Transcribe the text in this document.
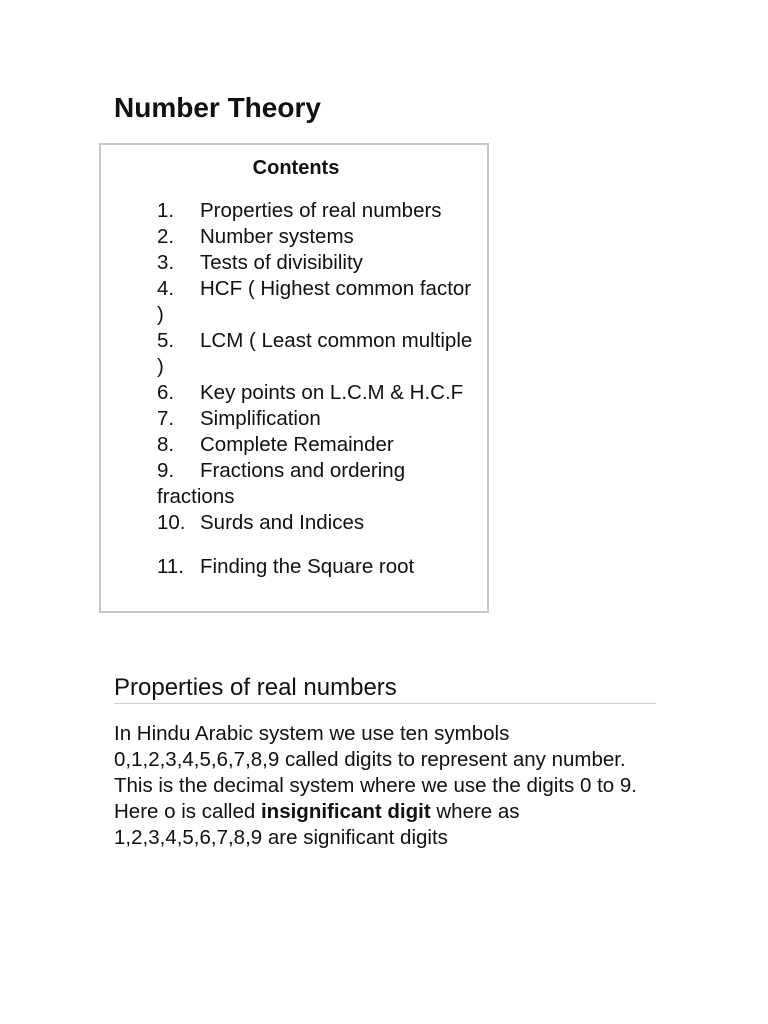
Number Theory
Contents
1. Properties of real numbers
2. Number systems
3. Tests of divisibility
4. HCF ( Highest common factor )
5. LCM ( Least common multiple )
6. Key points on L.C.M & H.C.F
7. Simplification
8. Complete Remainder
9. Fractions and ordering fractions
10. Surds and Indices
11. Finding the Square root
Properties of real numbers

In Hindu Arabic system we use ten symbols 0,1,2,3,4,5,6,7,8,9 called digits to represent any number.

This is the decimal system where we use the digits 0 to 9.

Here o is called insignificant digit where as 1,2,3,4,5,6,7,8,9 are significant digits
